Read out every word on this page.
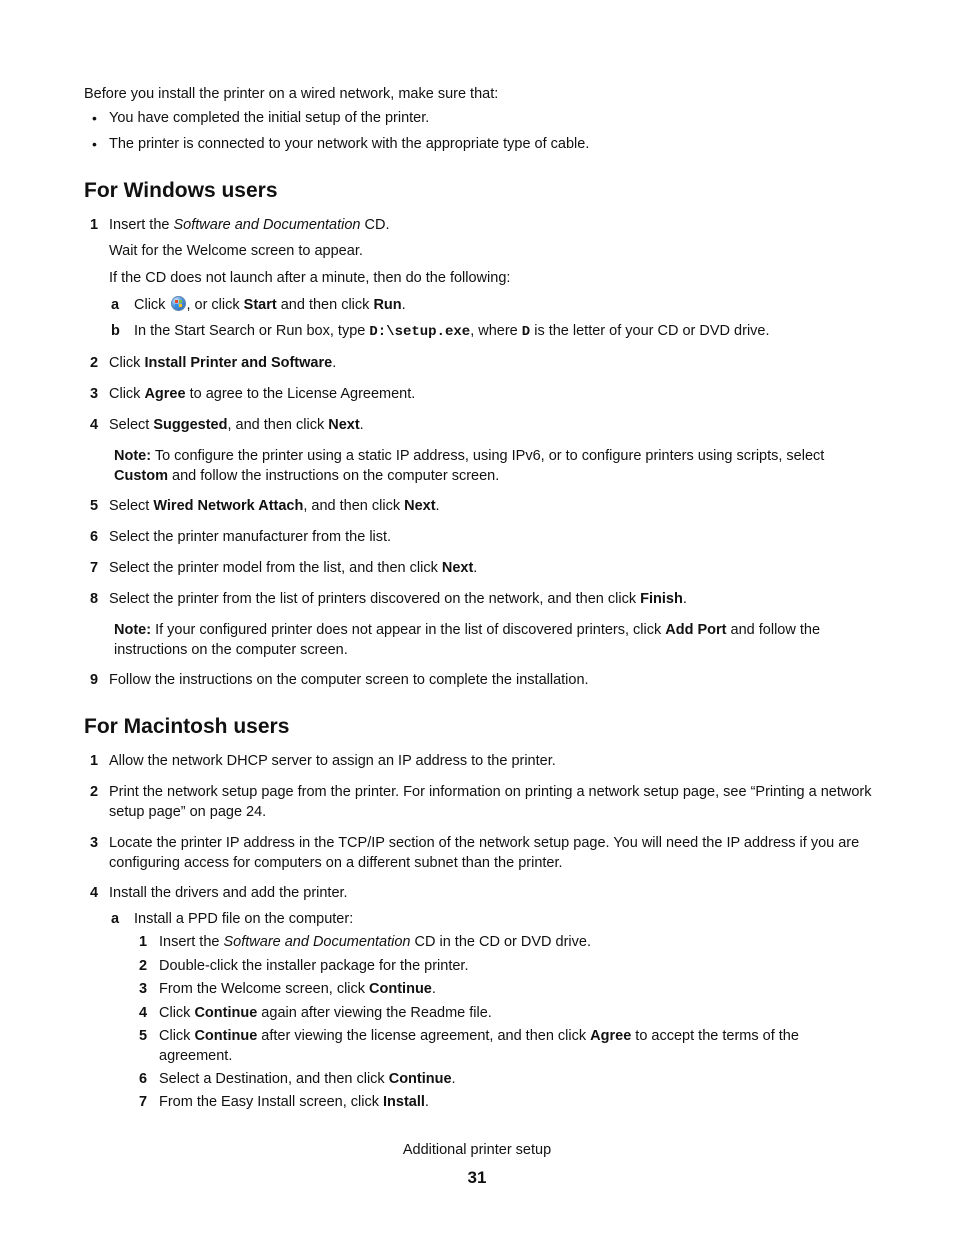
Before you install the printer on a wired network, make sure that:
• You have completed the initial setup of the printer.
• The printer is connected to your network with the appropriate type of cable.
For Windows users
1 Insert the Software and Documentation CD.
Wait for the Welcome screen to appear.
If the CD does not launch after a minute, then do the following:
a Click , or click Start and then click Run.
b In the Start Search or Run box, type D:\setup.exe, where D is the letter of your CD or DVD drive.
2 Click Install Printer and Software.
3 Click Agree to agree to the License Agreement.
4 Select Suggested, and then click Next.
Note: To configure the printer using a static IP address, using IPv6, or to configure printers using scripts, select Custom and follow the instructions on the computer screen.
5 Select Wired Network Attach, and then click Next.
6 Select the printer manufacturer from the list.
7 Select the printer model from the list, and then click Next.
8 Select the printer from the list of printers discovered on the network, and then click Finish.
Note: If your configured printer does not appear in the list of discovered printers, click Add Port and follow the instructions on the computer screen.
9 Follow the instructions on the computer screen to complete the installation.
For Macintosh users
1 Allow the network DHCP server to assign an IP address to the printer.
2 Print the network setup page from the printer. For information on printing a network setup page, see “Printing a network setup page” on page 24.
3 Locate the printer IP address in the TCP/IP section of the network setup page. You will need the IP address if you are configuring access for computers on a different subnet than the printer.
4 Install the drivers and add the printer.
a Install a PPD file on the computer:
1 Insert the Software and Documentation CD in the CD or DVD drive.
2 Double-click the installer package for the printer.
3 From the Welcome screen, click Continue.
4 Click Continue again after viewing the Readme file.
5 Click Continue after viewing the license agreement, and then click Agree to accept the terms of the agreement.
6 Select a Destination, and then click Continue.
7 From the Easy Install screen, click Install.
Additional printer setup
31
